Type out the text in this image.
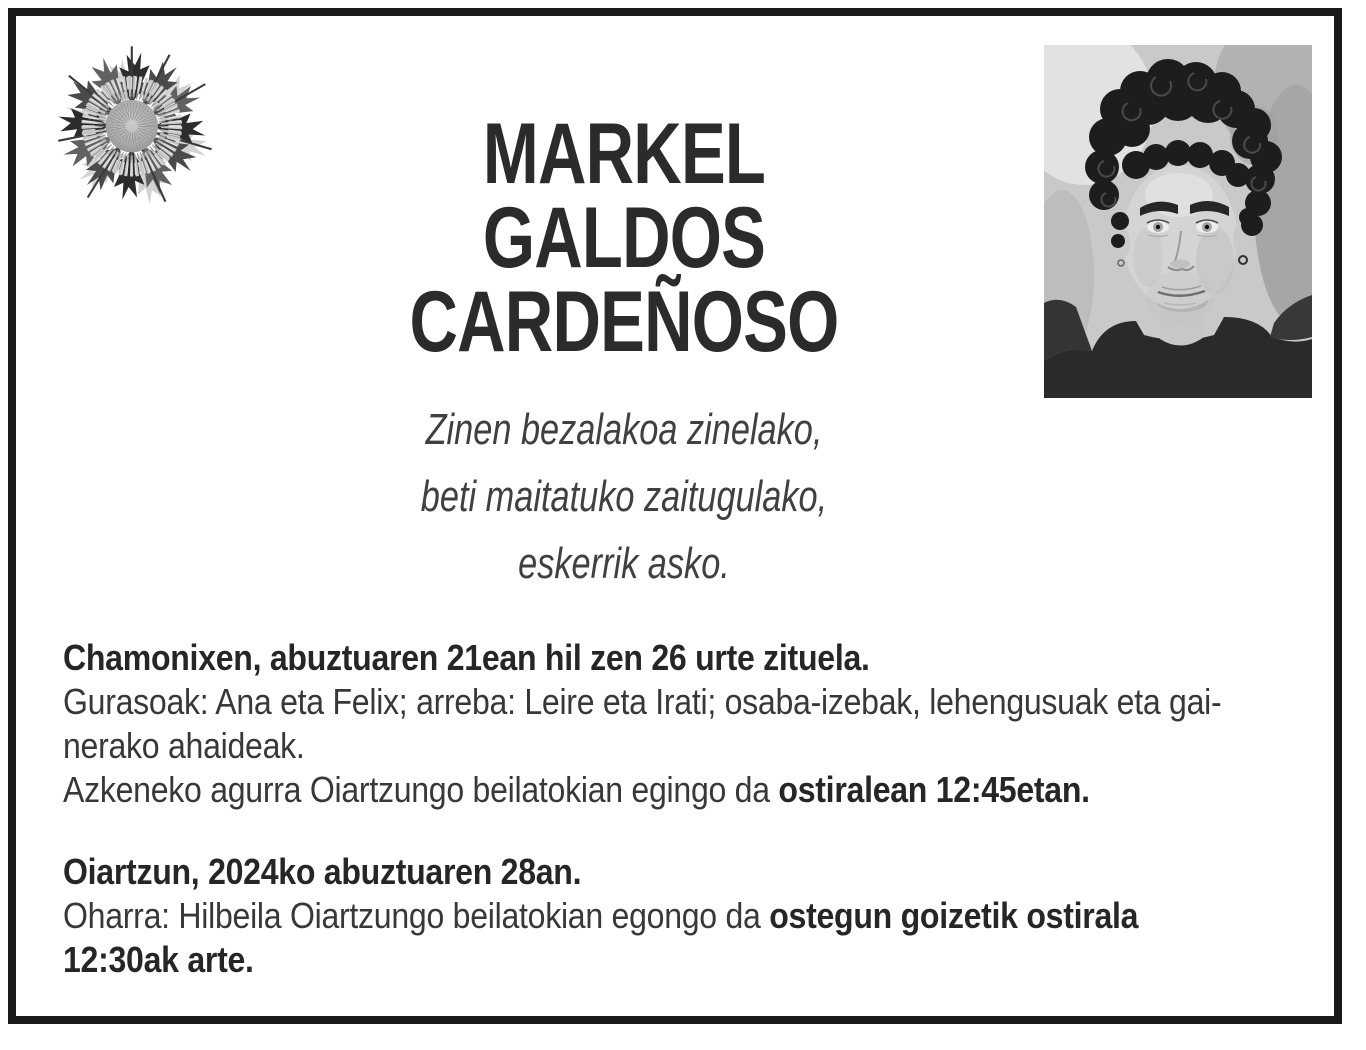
MARKEL
GALDOS
CARDEÑOSO
Zinen bezalakoa zinelako,
beti maitatuko zaitugulako,
eskerrik asko.
Chamonixen, abuztuaren 21ean hil zen 26 urte zituela.
Gurasoak: Ana eta Felix; arreba: Leire eta Irati; osaba-izebak, lehengusuak eta gai-
nerako ahaideak.
Azkeneko agurra Oiartzungo beilatokian egingo da ostiralean 12:45etan.
Oiartzun, 2024ko abuztuaren 28an.
Oharra: Hilbeila Oiartzungo beilatokian egongo da ostegun goizetik ostirala
12:30ak arte.
